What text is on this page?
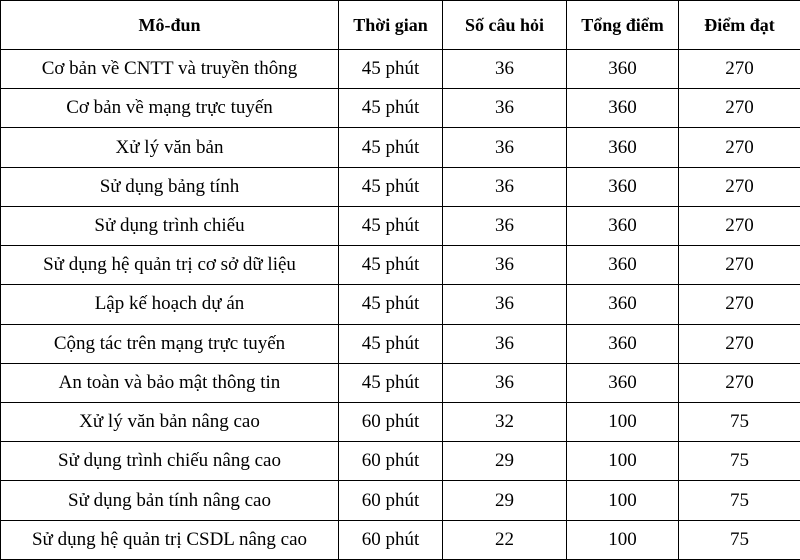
Mô-đun	Thời gian	Số câu hỏi	Tổng điểm	Điểm đạt
Cơ bản về CNTT và truyền thông	45 phút	36	360	270
Cơ bản về mạng trực tuyến	45 phút	36	360	270
Xử lý văn bản	45 phút	36	360	270
Sử dụng bảng tính	45 phút	36	360	270
Sử dụng trình chiếu	45 phút	36	360	270
Sử dụng hệ quản trị cơ sở dữ liệu	45 phút	36	360	270
Lập kế hoạch dự án	45 phút	36	360	270
Cộng tác trên mạng trực tuyến	45 phút	36	360	270
An toàn và bảo mật thông tin	45 phút	36	360	270
Xử lý văn bản nâng cao	60 phút	32	100	75
Sử dụng trình chiếu nâng cao	60 phút	29	100	75
Sử dụng bản tính nâng cao	60 phút	29	100	75
Sử dụng hệ quản trị CSDL nâng cao	60 phút	22	100	75
